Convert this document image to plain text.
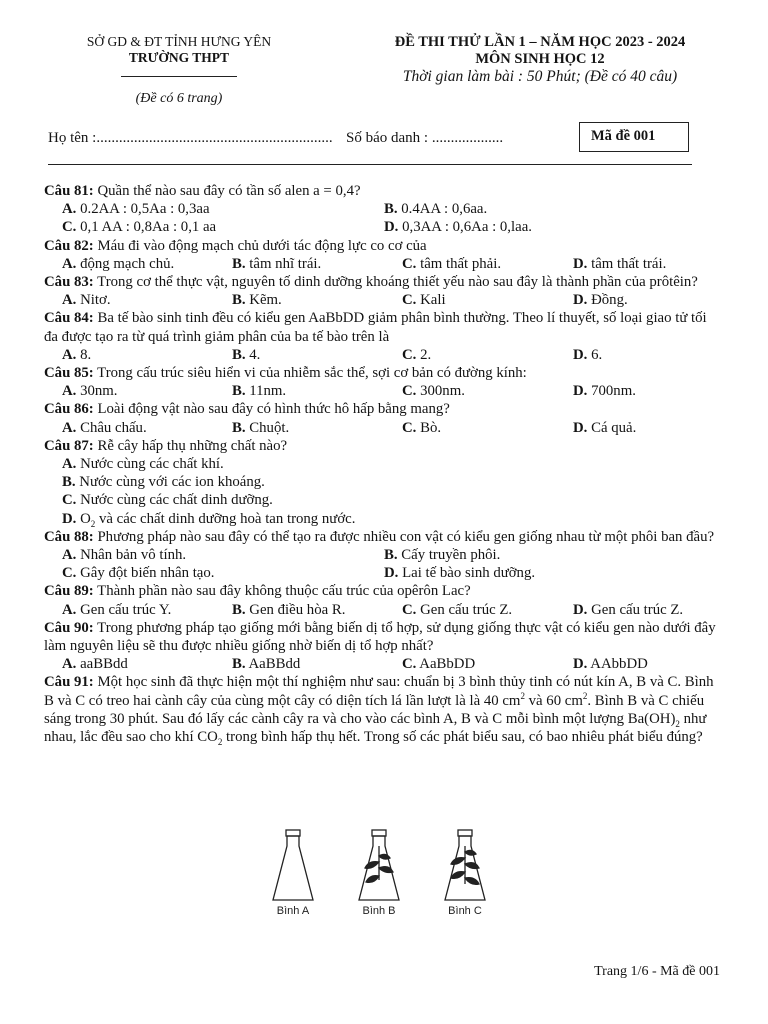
SỞ GD & ĐT TỈNH HƯNG YÊN
TRƯỜNG THPT
(Đề có 6 trang)
ĐỀ THI THỬ LẦN 1 – NĂM HỌC 2023 - 2024
MÔN SINH HỌC 12
Thời gian làm bài : 50 Phút; (Đề có 40 câu)
Họ tên :............................................................... Số báo danh : ...................	Mã đề 001
Câu 81: Quần thể nào sau đây có tần số alen a = 0,4?
A. 0.2AA : 0,5Aa : 0,3aa	B. 0.4AA : 0,6aa.
C. 0,1 AA : 0,8Aa : 0,1 aa	D. 0,3AA : 0,6Aa : 0,laa.
Câu 82: Máu đi vào động mạch chủ dưới tác động lực co cơ của
A. động mạch chủ.	B. tâm nhĩ trái.	C. tâm thất phải.	D. tâm thất trái.
Câu 83: Trong cơ thể thực vật, nguyên tố dinh dưỡng khoáng thiết yếu nào sau đây là thành phần của prôtêin?
A. Nitơ.	B. Kẽm.	C. Kali	D. Đồng.
Câu 84: Ba tế bào sinh tinh đều có kiểu gen AaBbDD giảm phân bình thường. Theo lí thuyết, số loại giao tử tối đa được tạo ra từ quá trình giảm phân của ba tế bào trên là
A. 8.	B. 4.	C. 2.	D. 6.
Câu 85: Trong cấu trúc siêu hiển vi của nhiễm sắc thể, sợi cơ bản có đường kính:
A. 30nm.	B. 11nm.	C. 300nm.	D. 700nm.
Câu 86: Loài động vật nào sau đây có hình thức hô hấp bằng mang?
A. Châu chấu.	B. Chuột.	C. Bò.	D. Cá quả.
Câu 87: Rễ cây hấp thụ những chất nào?
A. Nước cùng các chất khí.
B. Nước cùng với các ion khoáng.
C. Nước cùng các chất dinh dưỡng.
D. $O_2$ và các chất dinh dưỡng hoà tan trong nước.
Câu 88: Phương pháp nào sau đây có thể tạo ra được nhiều con vật có kiểu gen giống nhau từ một phôi ban đầu?
A. Nhân bản vô tính.	B. Cấy truyền phôi.
C. Gây đột biến nhân tạo.	D. Lai tế bào sinh dưỡng.
Câu 89: Thành phần nào sau đây không thuộc cấu trúc của opêrôn Lac?
A. Gen cấu trúc Y.	B. Gen điều hòa R.	C. Gen cấu trúc Z.	D. Gen cấu trúc Z.
Câu 90: Trong phương pháp tạo giống mới bằng biến dị tổ hợp, sử dụng giống thực vật có kiểu gen nào dưới đây làm nguyên liệu sẽ thu được nhiều giống nhờ biến dị tổ hợp nhất?
A. aaBBdd	B. AaBBdd	C. AaBbDD	D. AAbbDD
Câu 91: Một học sinh đã thực hiện một thí nghiệm như sau: chuẩn bị 3 bình thủy tinh có nút kín A, B và C. Bình B và C có treo hai cành cây của cùng một cây có diện tích lá lần lượt là là 40 $cm^2$ và 60 $cm^2$. Bình B và C chiếu sáng trong 30 phút. Sau đó lấy các cành cây ra và cho vào các bình A, B và C mỗi bình một lượng $Ba(OH)_2$ như nhau, lắc đều sao cho khí $CO_2$ trong bình hấp thụ hết. Trong số các phát biểu sau, có bao nhiêu phát biểu đúng?
Bình A	Bình B	Bình C
Trang 1/6 - Mã đề 001
